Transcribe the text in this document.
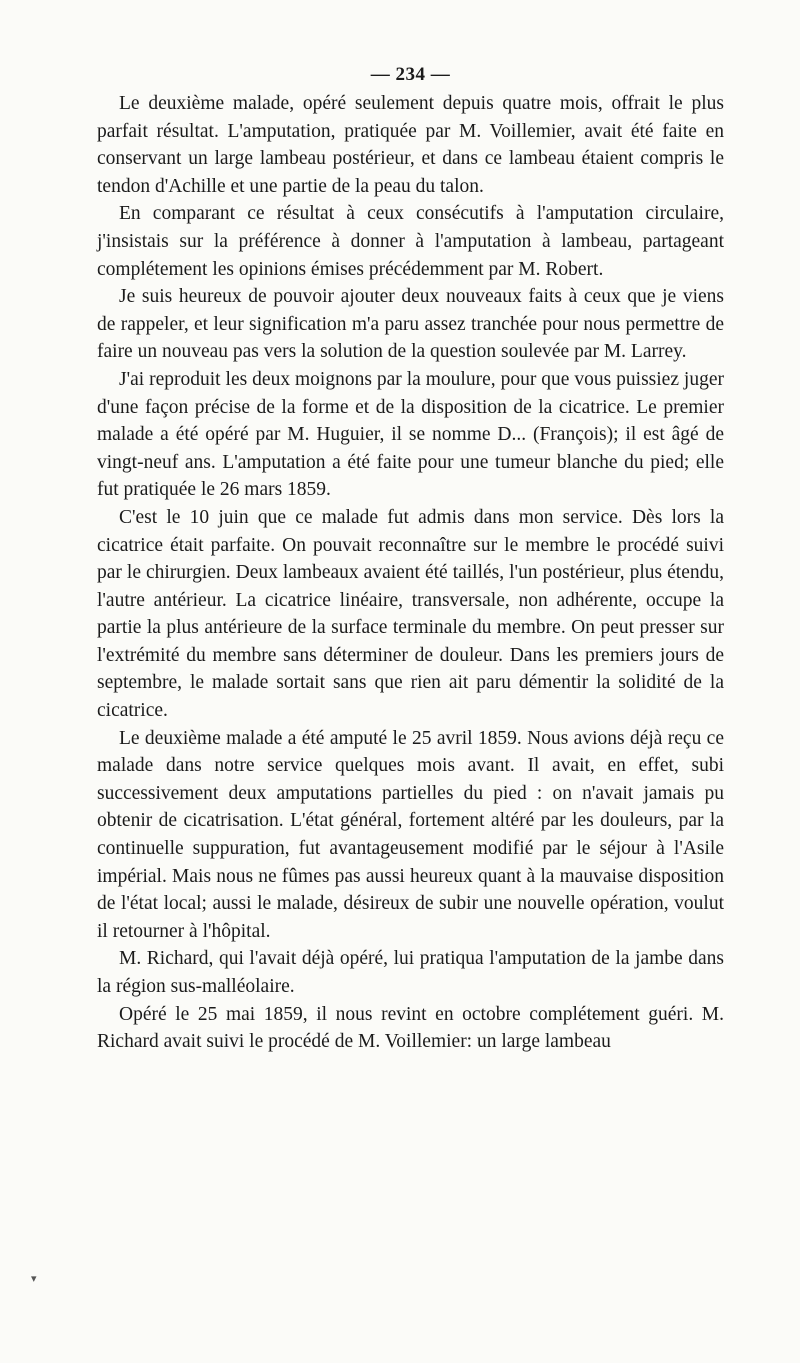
— 234 —

Le deuxième malade, opéré seulement depuis quatre mois, offrait le plus parfait résultat. L'amputation, pratiquée par M. Voillemier, avait été faite en conservant un large lambeau postérieur, et dans ce lambeau étaient compris le tendon d'Achille et une partie de la peau du talon.

En comparant ce résultat à ceux consécutifs à l'amputation circulaire, j'insistais sur la préférence à donner à l'amputation à lambeau, partageant complétement les opinions émises précédemment par M. Robert.

Je suis heureux de pouvoir ajouter deux nouveaux faits à ceux que je viens de rappeler, et leur signification m'a paru assez tranchée pour nous permettre de faire un nouveau pas vers la solution de la question soulevée par M. Larrey.

J'ai reproduit les deux moignons par la moulure, pour que vous puissiez juger d'une façon précise de la forme et de la disposition de la cicatrice. Le premier malade a été opéré par M. Huguier, il se nomme D... (François); il est âgé de vingt-neuf ans. L'amputation a été faite pour une tumeur blanche du pied; elle fut pratiquée le 26 mars 1859.

C'est le 10 juin que ce malade fut admis dans mon service. Dès lors la cicatrice était parfaite. On pouvait reconnaître sur le membre le procédé suivi par le chirurgien. Deux lambeaux avaient été taillés, l'un postérieur, plus étendu, l'autre antérieur. La cicatrice linéaire, transversale, non adhérente, occupe la partie la plus antérieure de la surface terminale du membre. On peut presser sur l'extrémité du membre sans déterminer de douleur. Dans les premiers jours de septembre, le malade sortait sans que rien ait paru démentir la solidité de la cicatrice.

Le deuxième malade a été amputé le 25 avril 1859. Nous avions déjà reçu ce malade dans notre service quelques mois avant. Il avait, en effet, subi successivement deux amputations partielles du pied : on n'avait jamais pu obtenir de cicatrisation. L'état général, fortement altéré par les douleurs, par la continuelle suppuration, fut avantageusement modifié par le séjour à l'Asile impérial. Mais nous ne fûmes pas aussi heureux quant à la mauvaise disposition de l'état local; aussi le malade, désireux de subir une nouvelle opération, voulut il retourner à l'hôpital.

M. Richard, qui l'avait déjà opéré, lui pratiqua l'amputation de la jambe dans la région sus-malléolaire.

Opéré le 25 mai 1859, il nous revint en octobre complétement guéri. M. Richard avait suivi le procédé de M. Voillemier: un large lambeau

▾
